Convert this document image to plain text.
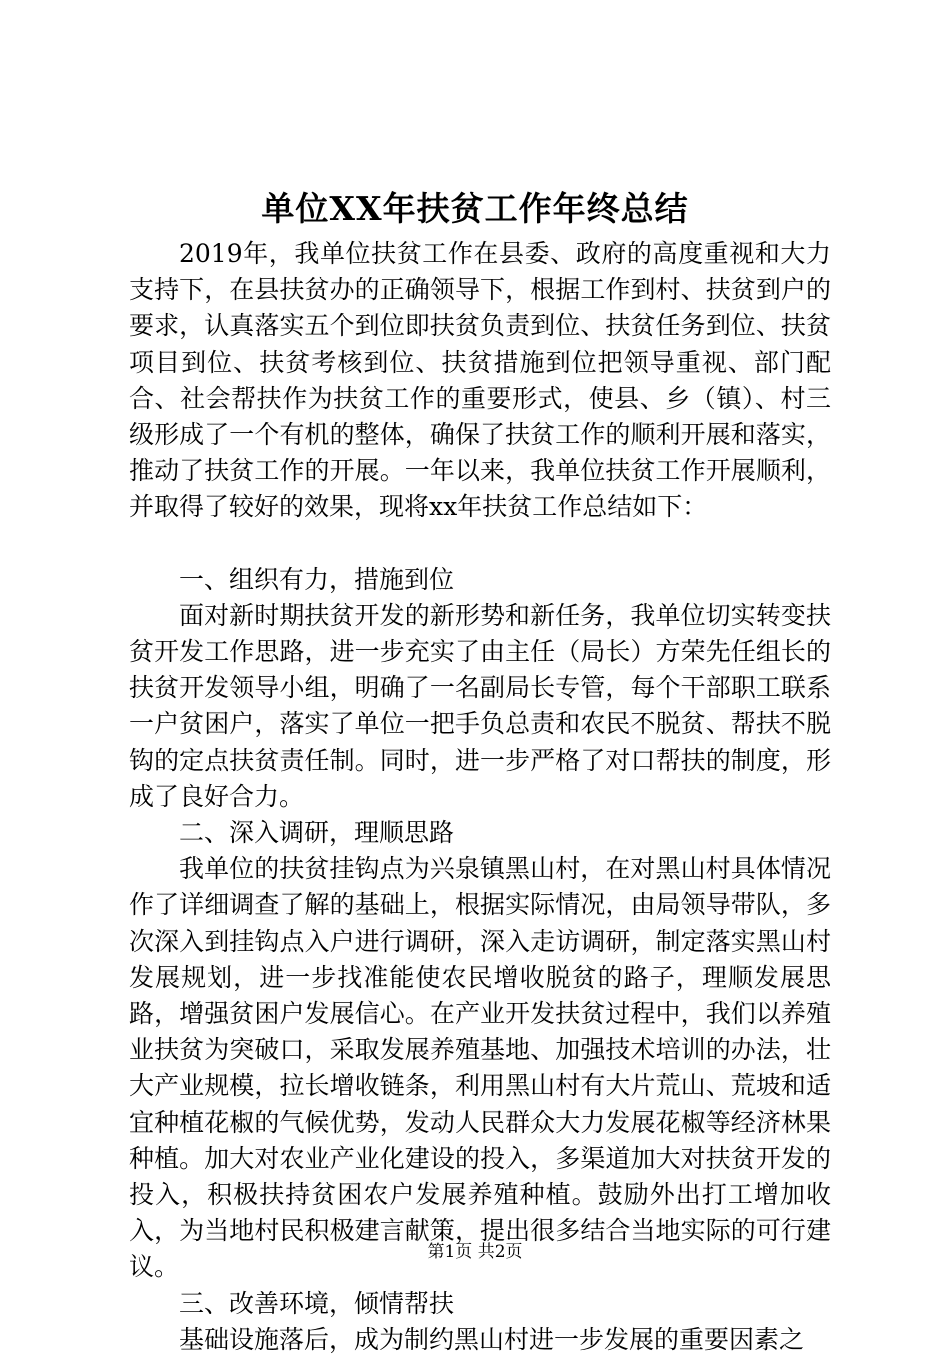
单位XX年扶贫工作年终总结

2019年，我单位扶贫工作在县委、政府的高度重视和大力支持下，在县扶贫办的正确领导下，根据工作到村、扶贫到户的要求，认真落实五个到位即扶贫负责到位、扶贫任务到位、扶贫项目到位、扶贫考核到位、扶贫措施到位把领导重视、部门配合、社会帮扶作为扶贫工作的重要形式，使县、乡（镇）、村三级形成了一个有机的整体，确保了扶贫工作的顺利开展和落实，推动了扶贫工作的开展。一年以来，我单位扶贫工作开展顺利，并取得了较好的效果，现将xx年扶贫工作总结如下：

一、组织有力，措施到位

面对新时期扶贫开发的新形势和新任务，我单位切实转变扶贫开发工作思路，进一步充实了由主任（局长）方荣先任组长的扶贫开发领导小组，明确了一名副局长专管，每个干部职工联系一户贫困户，落实了单位一把手负总责和农民不脱贫、帮扶不脱钩的定点扶贫责任制。同时，进一步严格了对口帮扶的制度，形成了良好合力。

二、深入调研，理顺思路

我单位的扶贫挂钩点为兴泉镇黑山村，在对黑山村具体情况作了详细调查了解的基础上，根据实际情况，由局领导带队，多次深入到挂钩点入户进行调研，深入走访调研，制定落实黑山村发展规划，进一步找准能使农民增收脱贫的路子，理顺发展思路，增强贫困户发展信心。在产业开发扶贫过程中，我们以养殖业扶贫为突破口，采取发展养殖基地、加强技术培训的办法，壮大产业规模，拉长增收链条，利用黑山村有大片荒山、荒坡和适宜种植花椒的气候优势，发动人民群众大力发展花椒等经济林果种植。加大对农业产业化建设的投入，多渠道加大对扶贫开发的投入，积极扶持贫困农户发展养殖种植。鼓励外出打工增加收入，为当地村民积极建言献策，提出很多结合当地实际的可行建议。

三、改善环境，倾情帮扶

基础设施落后，成为制约黑山村进一步发展的重要因素之

第1页 共2页
